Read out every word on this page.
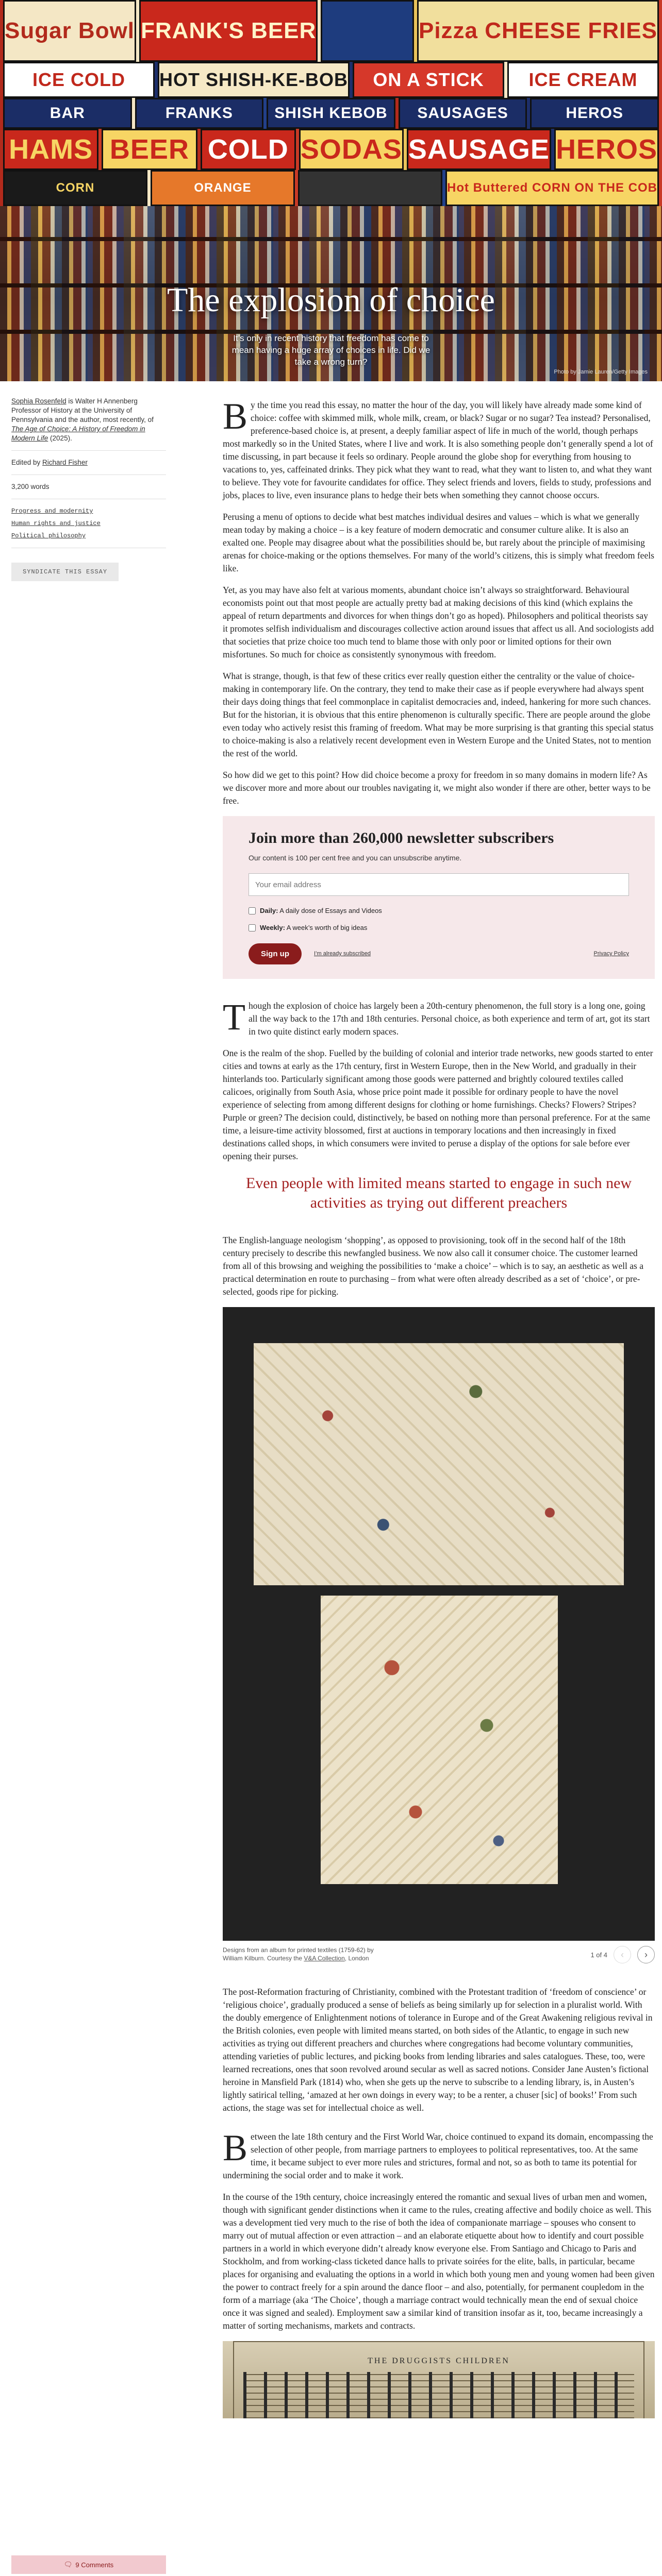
Sugar Bowl FRANK'S BEER	Pizza CHEESE FRIES
ICE COLD	HOT SHISH-KE-BOB	ON A STICK	ICE CREAM
BAR	FRANKS	SHISH KEBOB	SAUSAGES	HEROS
HAMS BEER COLD SODAS SAUSAGE HEROS
CORN	ORANGE	Hot Buttered CORN ON THE COB
The explosion of choice

It’s only in recent history that freedom has come to mean having a huge array of choices in life. Did we take a wrong turn?

Photo by Jamie Lauren/Getty Images

Sophia Rosenfeld is Walter H Annenberg Professor of History at the University of Pennsylvania and the author, most recently, of The Age of Choice: A History of Freedom in Modern Life (2025).

Edited by Richard Fisher

3,200 words

Progress and modernity
Human rights and justice
Political philosophy
SYNDICATE THIS ESSAY

By the time you read this essay, no matter the hour of the day, you will likely have already made some kind of choice: coffee with skimmed milk, whole milk, cream, or black? Sugar or no sugar? Tea instead? Personalised, preference-based choice is, at present, a deeply familiar aspect of life in much of the world, though perhaps most markedly so in the United States, where I live and work. It is also something people don’t generally spend a lot of time discussing, in part because it feels so ordinary. People around the globe shop for everything from housing to vacations to, yes, caffeinated drinks. They pick what they want to read, what they want to listen to, and what they want to believe. They vote for favourite candidates for office. They select friends and lovers, fields to study, professions and jobs, places to live, even insurance plans to hedge their bets when something they cannot choose occurs.

Perusing a menu of options to decide what best matches individual desires and values – which is what we generally mean today by making a choice – is a key feature of modern democratic and consumer culture alike. It is also an exalted one. People may disagree about what the possibilities should be, but rarely about the principle of maximising arenas for choice-making or the options themselves. For many of the world’s citizens, this is simply what freedom feels like.

Yet, as you may have also felt at various moments, abundant choice isn’t always so straightforward. Behavioural economists point out that most people are actually pretty bad at making decisions of this kind (which explains the appeal of return departments and divorces for when things don’t go as hoped). Philosophers and political theorists say it promotes selfish individualism and discourages collective action around issues that affect us all. And sociologists add that societies that prize choice too much tend to blame those with only poor or limited options for their own misfortunes. So much for choice as consistently synonymous with freedom.

What is strange, though, is that few of these critics ever really question either the centrality or the value of choice-making in contemporary life. On the contrary, they tend to make their case as if people everywhere had always spent their days doing things that feel commonplace in capitalist democracies and, indeed, hankering for more such chances. But for the historian, it is obvious that this entire phenomenon is culturally specific. There are people around the globe even today who actively resist this framing of freedom. What may be more surprising is that granting this special status to choice-making is also a relatively recent development even in Western Europe and the United States, not to mention the rest of the world.

So how did we get to this point? How did choice become a proxy for freedom in so many domains in modern life? As we discover more and more about our troubles navigating it, we might also wonder if there are other, better ways to be free.

Join more than 260,000 newsletter subscribers

Our content is 100 per cent free and you can unsubscribe anytime.

Your email address
Daily: A daily dose of Essays and Videos
Weekly: A week’s worth of big ideas
Sign up	I’m already subscribed	Privacy Policy

Though the explosion of choice has largely been a 20th-century phenomenon, the full story is a long one, going all the way back to the 17th and 18th centuries. Personal choice, as both experience and term of art, got its start in two quite distinct early modern spaces.

One is the realm of the shop. Fuelled by the building of colonial and interior trade networks, new goods started to enter cities and towns at early as the 17th century, first in Western Europe, then in the New World, and gradually in their hinterlands too. Particularly significant among those goods were patterned and brightly coloured textiles called calicoes, originally from South Asia, whose price point made it possible for ordinary people to have the novel experience of selecting from among different designs for clothing or home furnishings. Checks? Flowers? Stripes? Purple or green? The decision could, distinctively, be based on nothing more than personal preference. For at the same time, a leisure-time activity blossomed, first at auctions in temporary locations and then increasingly in fixed destinations called shops, in which consumers were invited to peruse a display of the options for sale before ever opening their purses.

Even people with limited means started to engage in such new activities as trying out different preachers

The English-language neologism ‘shopping’, as opposed to provisioning, took off in the second half of the 18th century precisely to describe this newfangled business. We now also call it consumer choice. The customer learned from all of this browsing and weighing the possibilities to ‘make a choice’ – which is to say, an aesthetic as well as a practical determination en route to purchasing – from what were often already described as a set of ‘choice’, or pre-selected, goods ripe for picking.

Designs from an album for printed textiles (1759-62) by William Kilburn. Courtesy the V&A Collection, London	1 of 4	‹	›

The post-Reformation fracturing of Christianity, combined with the Protestant tradition of ‘freedom of conscience’ or ‘religious choice’, gradually produced a sense of beliefs as being similarly up for selection in a pluralist world. With the doubly emergence of Enlightenment notions of tolerance in Europe and of the Great Awakening religious revival in the British colonies, even people with limited means started, on both sides of the Atlantic, to engage in such new activities as trying out different preachers and churches where congregations had become voluntary communities, attending varieties of public lectures, and picking books from lending libraries and sales catalogues. These, too, were learned recreations, ones that soon revolved around secular as well as sacred notions. Consider Jane Austen’s fictional heroine in Mansfield Park (1814) who, when she gets up the nerve to subscribe to a lending library, is, in Austen’s lightly satirical telling, ‘amazed at her own doings in every way; to be a renter, a chuser [sic] of books!’ From such actions, the stage was set for intellectual choice as well.

Between the late 18th century and the First World War, choice continued to expand its domain, encompassing the selection of other people, from marriage partners to employees to political representatives, too. At the same time, it became subject to ever more rules and strictures, formal and not, so as both to tame its potential for undermining the social order and to make it work.

In the course of the 19th century, choice increasingly entered the romantic and sexual lives of urban men and women, though with significant gender distinctions when it came to the rules, creating affective and bodily choice as well. This was a development tied very much to the rise of both the idea of companionate marriage – spouses who consent to marry out of mutual affection or even attraction – and an elaborate etiquette about how to identify and court possible partners in a world in which everyone didn’t already know everyone else. From Santiago and Chicago to Paris and Stockholm, and from working-class ticketed dance halls to private soirées for the elite, balls, in particular, became places for organising and evaluating the options in a world in which both young men and young women had been given the power to contract freely for a spin around the dance floor – and also, potentially, for permanent coupledom in the form of a marriage (aka ‘The Choice’, though a marriage contract would technically mean the end of sexual choice once it was signed and sealed). Employment saw a similar kind of transition insofar as it, too, became increasingly a matter of sorting mechanisms, markets and contracts.

THE DRUGGISTS CHILDREN
🗨 9 Comments
